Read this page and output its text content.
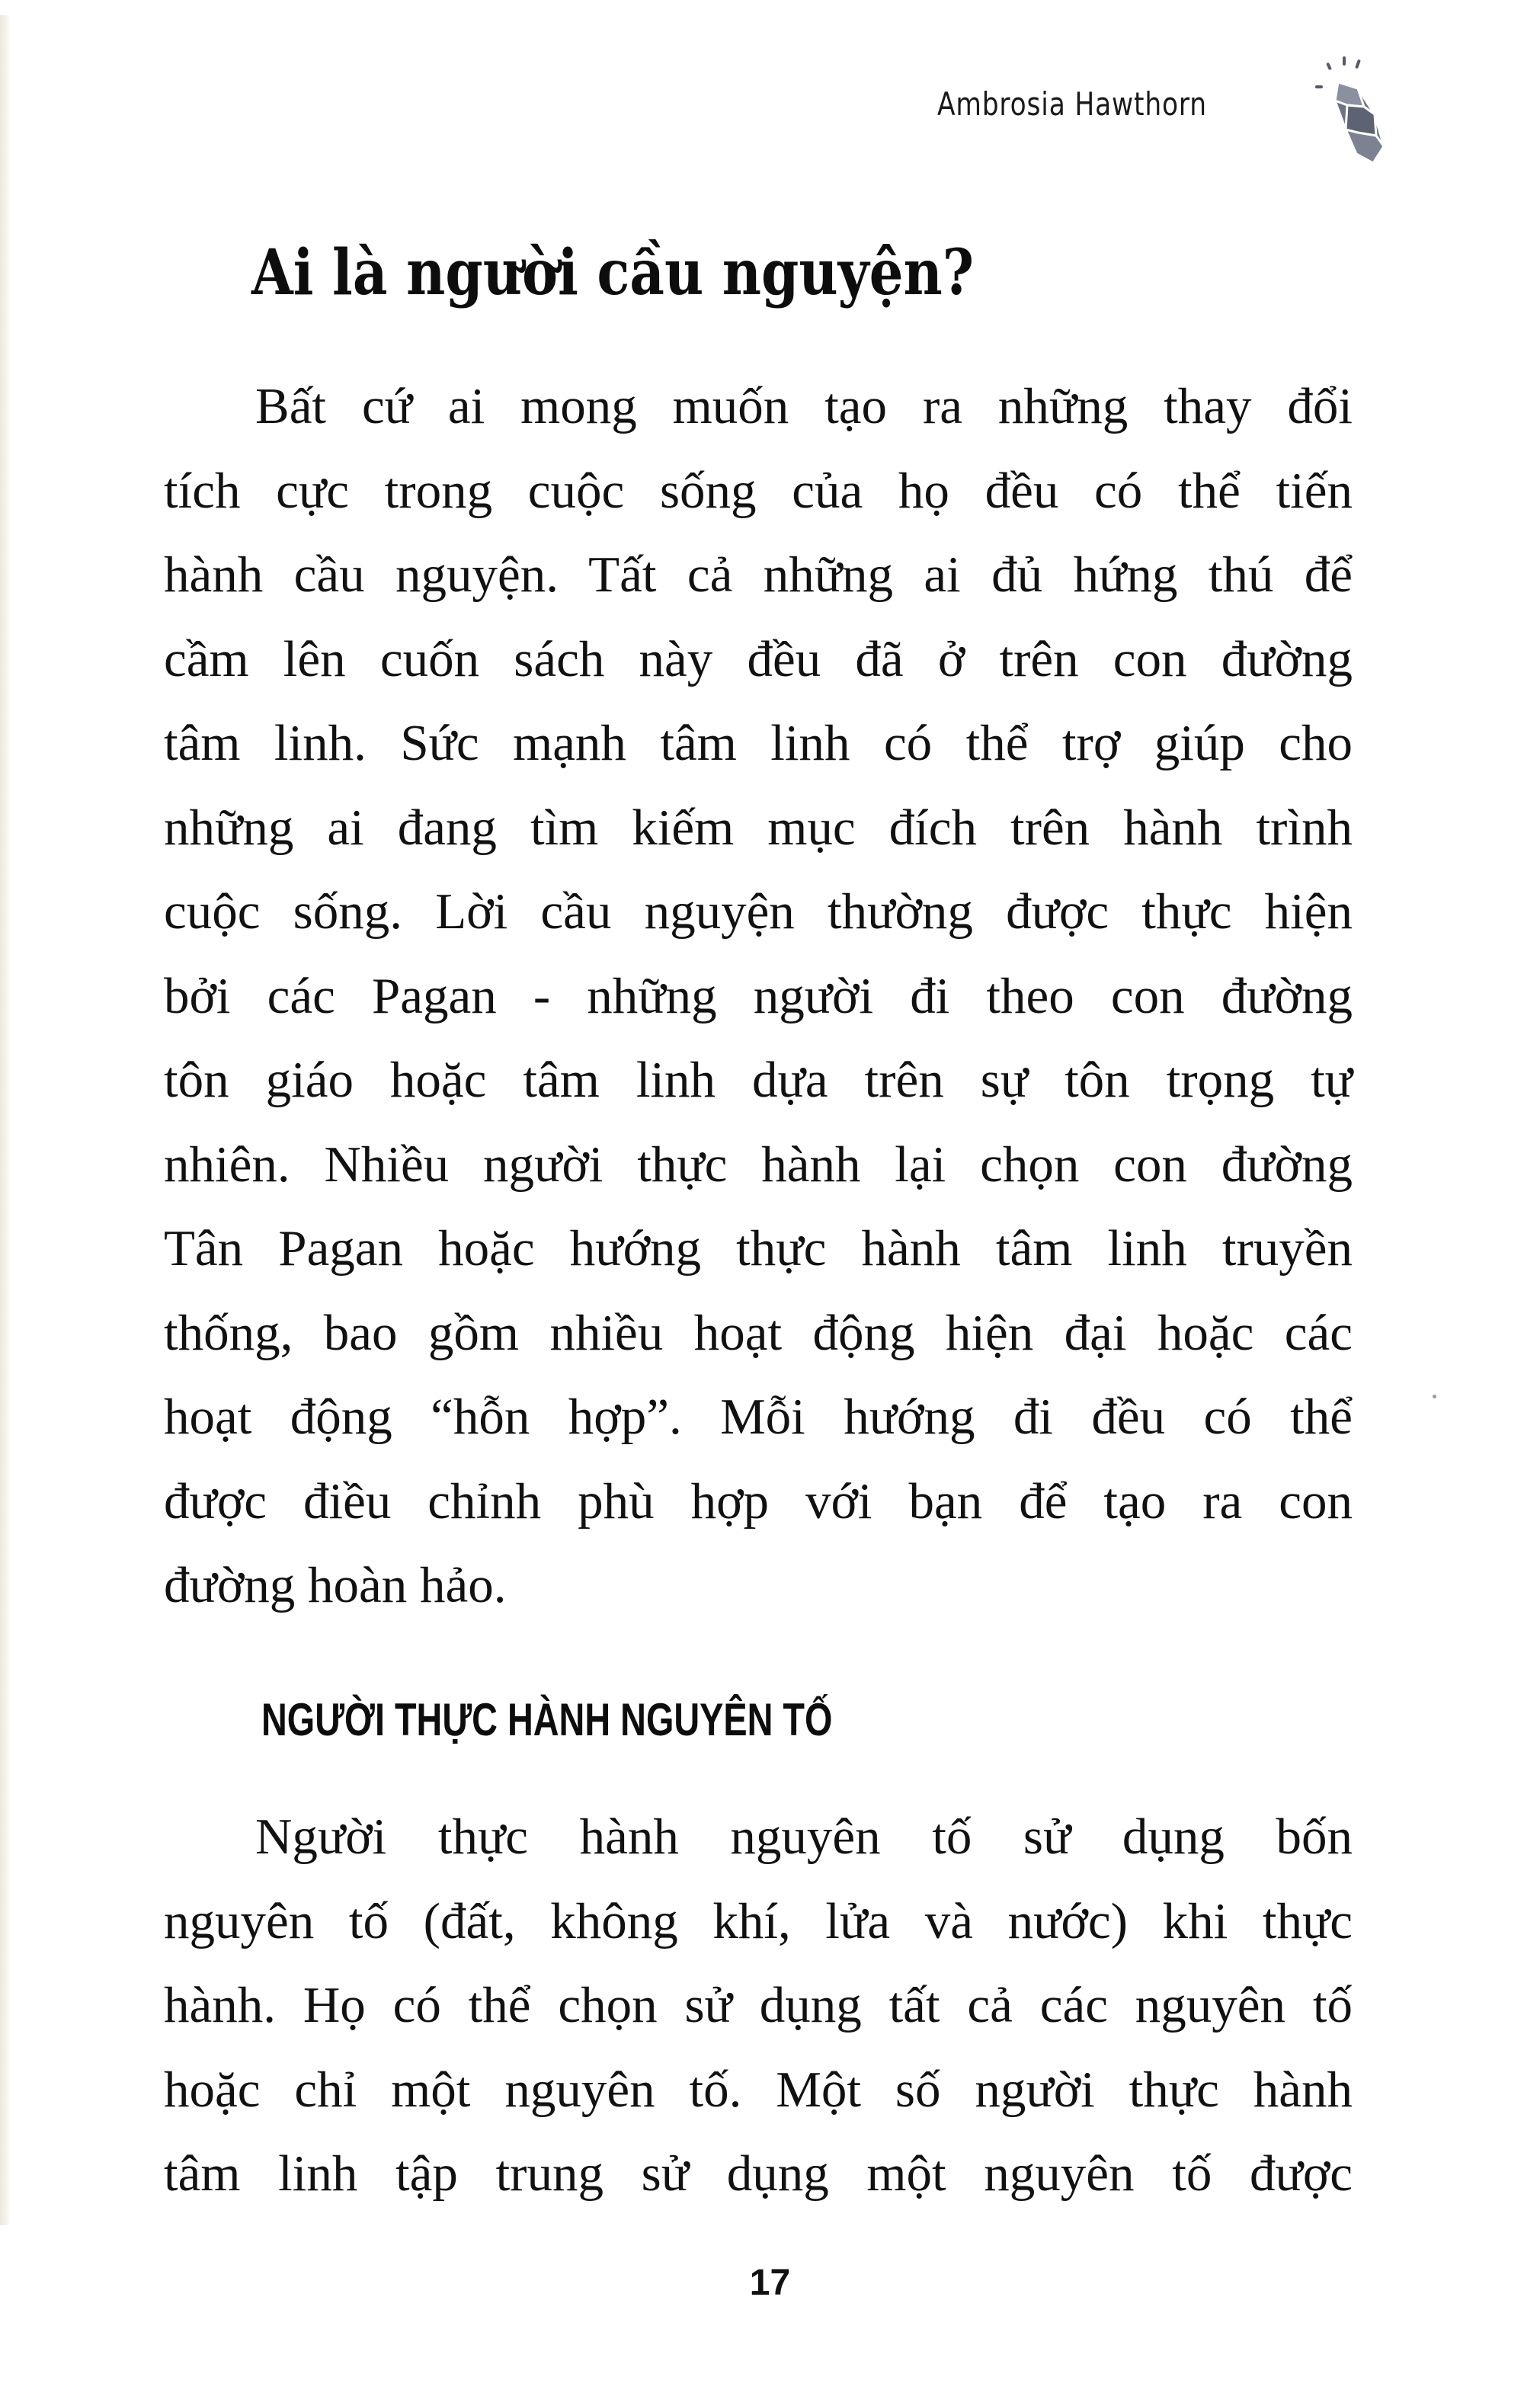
Ambrosia Hawthorn
Ai là người cầu nguyện?
Bất cứ ai mong muốn tạo ra những thay đổi
tích cực trong cuộc sống của họ đều có thể tiến
hành cầu nguyện. Tất cả những ai đủ hứng thú để
cầm lên cuốn sách này đều đã ở trên con đường
tâm linh. Sức mạnh tâm linh có thể trợ giúp cho
những ai đang tìm kiếm mục đích trên hành trình
cuộc sống. Lời cầu nguyện thường được thực hiện
bởi các Pagan - những người đi theo con đường
tôn giáo hoặc tâm linh dựa trên sự tôn trọng tự
nhiên. Nhiều người thực hành lại chọn con đường
Tân Pagan hoặc hướng thực hành tâm linh truyền
thống, bao gồm nhiều hoạt động hiện đại hoặc các
hoạt động “hỗn hợp”. Mỗi hướng đi đều có thể
được điều chỉnh phù hợp với bạn để tạo ra con
đường hoàn hảo.
NGƯỜI THỰC HÀNH NGUYÊN TỐ
Người thực hành nguyên tố sử dụng bốn
nguyên tố (đất, không khí, lửa và nước) khi thực
hành. Họ có thể chọn sử dụng tất cả các nguyên tố
hoặc chỉ một nguyên tố. Một số người thực hành
tâm linh tập trung sử dụng một nguyên tố được
17
